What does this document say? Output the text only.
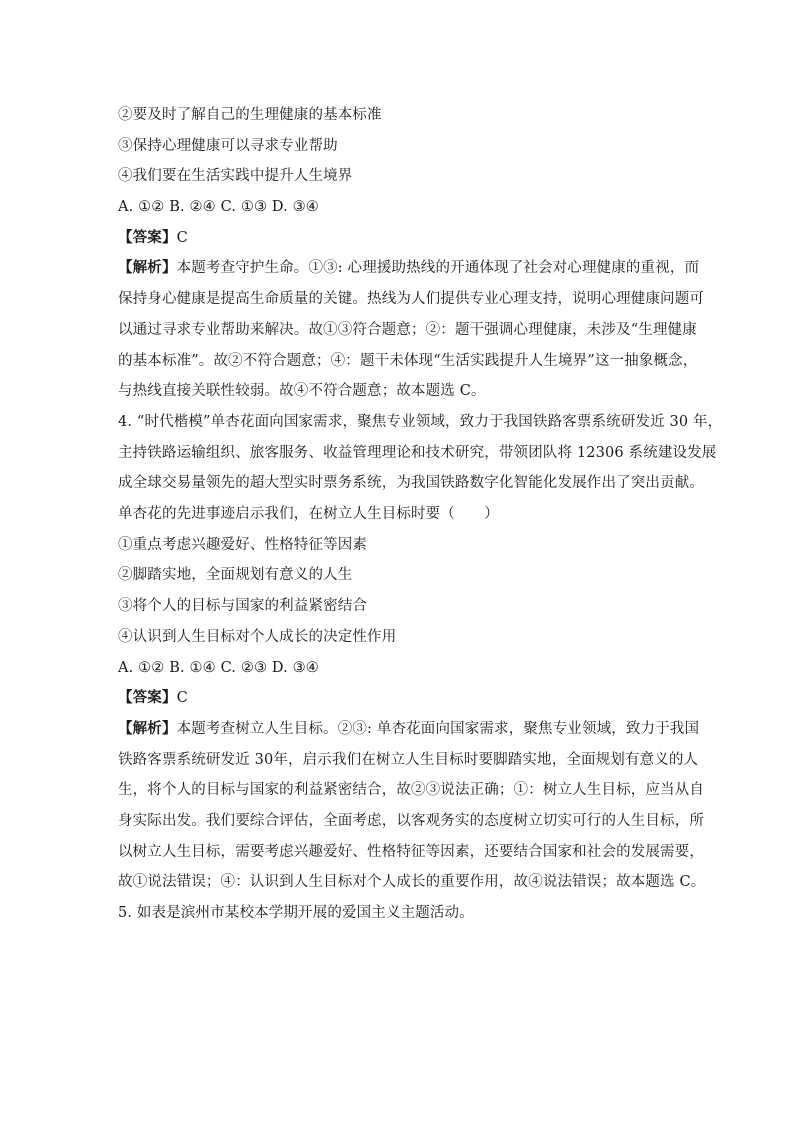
②要及时了解自己的生理健康的基本标准
③保持心理健康可以寻求专业帮助
④我们要在生活实践中提升人生境界
A. ①② B. ②④ C. ①③ D. ③④
【答案】C
【解析】本题考查守护生命。①③: 心理援助热线的开通体现了社会对心理健康的重视，而
保持身心健康是提高生命质量的关键。热线为人们提供专业心理支持，说明心理健康问题可
以通过寻求专业帮助来解决。故①③符合题意；②：题干强调心理健康，未涉及“生理健康
的基本标准”。故②不符合题意；④：题干未体现“生活实践提升人生境界”这一抽象概念，
与热线直接关联性较弱。故④不符合题意；故本题选 C。
4. “时代楷模”单杏花面向国家需求，聚焦专业领域，致力于我国铁路客票系统研发近 30 年，
主持铁路运输组织、旅客服务、收益管理理论和技术研究，带领团队将 12306 系统建设发展
成全球交易量领先的超大型实时票务系统，为我国铁路数字化智能化发展作出了突出贡献。
单杏花的先进事迹启示我们，在树立人生目标时要（　　）
①重点考虑兴趣爱好、性格特征等因素
②脚踏实地，全面规划有意义的人生
③将个人的目标与国家的利益紧密结合
④认识到人生目标对个人成长的决定性作用
A. ①② B. ①④ C. ②③ D. ③④
【答案】C
【解析】本题考查树立人生目标。②③: 单杏花面向国家需求，聚焦专业领域，致力于我国
铁路客票系统研发近 30年，启示我们在树立人生目标时要脚踏实地，全面规划有意义的人
生，将个人的目标与国家的利益紧密结合，故②③说法正确；①：树立人生目标，应当从自
身实际出发。我们要综合评估，全面考虑，以客观务实的态度树立切实可行的人生目标，所
以树立人生目标，需要考虑兴趣爱好、性格特征等因素，还要结合国家和社会的发展需要，
故①说法错误；④：认识到人生目标对个人成长的重要作用，故④说法错误；故本题选 C。
5. 如表是滨州市某校本学期开展的爱国主义主题活动。
